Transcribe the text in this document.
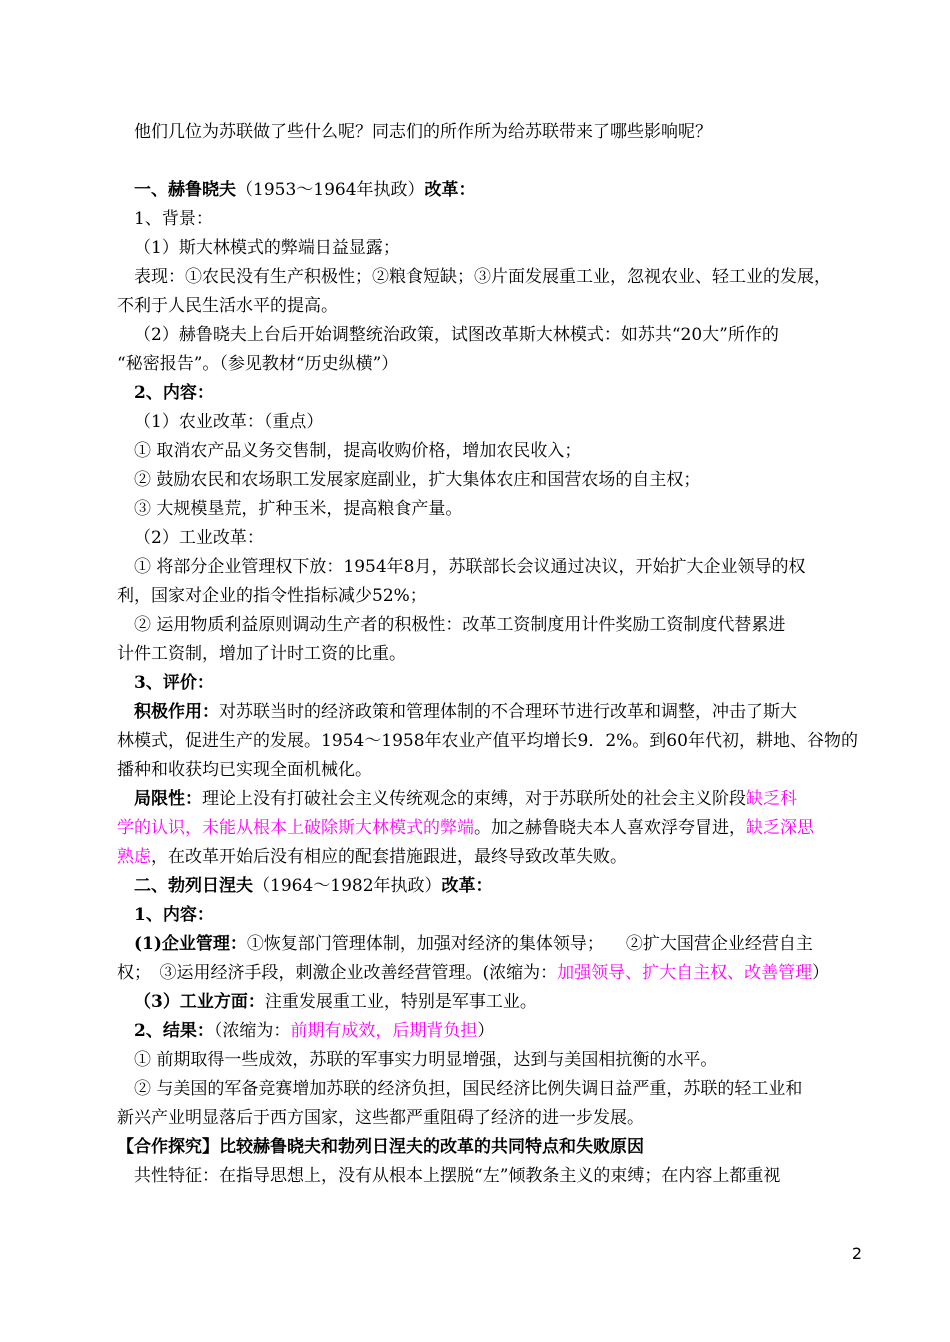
他们几位为苏联做了些什么呢？同志们的所作所为给苏联带来了哪些影响呢？
一、赫鲁晓夫（1953～1964年执政）改革：
1、背景：
（1）斯大林模式的弊端日益显露；
表现：①农民没有生产积极性；②粮食短缺；③片面发展重工业，忽视农业、轻工业的发展，
不利于人民生活水平的提高。
（2）赫鲁晓夫上台后开始调整统治政策，试图改革斯大林模式：如苏共“20大”所作的
“秘密报告”。（参见教材“历史纵横”）
2、内容：
（1）农业改革：（重点）
① 取消农产品义务交售制，提高收购价格，增加农民收入；
② 鼓励农民和农场职工发展家庭副业，扩大集体农庄和国营农场的自主权；
③ 大规模垦荒，扩种玉米，提高粮食产量。
（2）工业改革：
① 将部分企业管理权下放：1954年8月，苏联部长会议通过决议，开始扩大企业领导的权
利，国家对企业的指令性指标减少52%；
② 运用物质利益原则调动生产者的积极性：改革工资制度用计件奖励工资制度代替累进
计件工资制，增加了计时工资的比重。
3、评价：
积极作用：对苏联当时的经济政策和管理体制的不合理环节进行改革和调整，冲击了斯大
林模式，促进生产的发展。1954～1958年农业产值平均增长9．2%。到60年代初，耕地、谷物的
播种和收获均已实现全面机械化。
局限性：理论上没有打破社会主义传统观念的束缚，对于苏联所处的社会主义阶段缺乏科
学的认识，未能从根本上破除斯大林模式的弊端。加之赫鲁晓夫本人喜欢浮夸冒进，缺乏深思
熟虑，在改革开始后没有相应的配套措施跟进，最终导致改革失败。
二、勃列日涅夫（1964～1982年执政）改革：
1、内容：
(1)企业管理：①恢复部门管理体制，加强对经济的集体领导； ②扩大国营企业经营自主
权；　③运用经济手段，刺激企业改善经营管理。(浓缩为：加强领导、扩大自主权、改善管理）
（3）工业方面：注重发展重工业，特别是军事工业。
2、结果：（浓缩为：前期有成效，后期背负担）
① 前期取得一些成效，苏联的军事实力明显增强，达到与美国相抗衡的水平。
② 与美国的军备竞赛增加苏联的经济负担，国民经济比例失调日益严重，苏联的轻工业和
新兴产业明显落后于西方国家，这些都严重阻碍了经济的进一步发展。
【合作探究】比较赫鲁晓夫和勃列日涅夫的改革的共同特点和失败原因
共性特征：在指导思想上，没有从根本上摆脱“左”倾教条主义的束缚；在内容上都重视
2
